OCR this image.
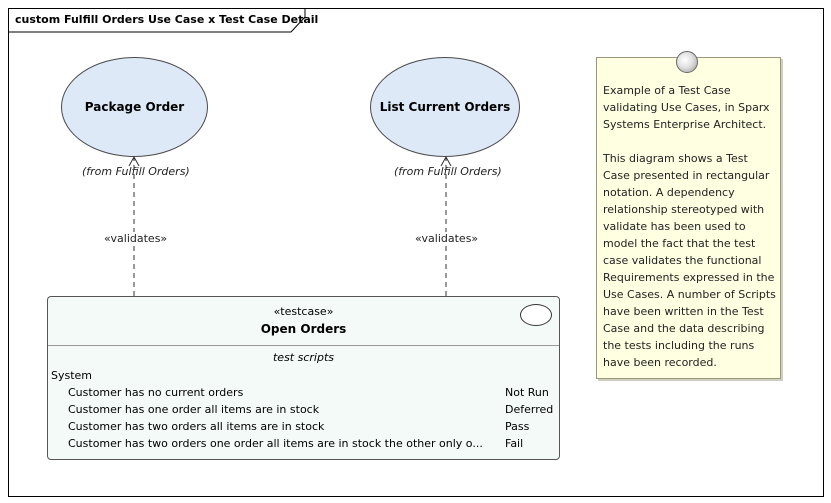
custom Fulfill Orders Use Case x Test Case Detail
Package Order
(from Fulfill Orders)
«validates»
List Current Orders
(from Fulfill Orders)
«validates»
«testcase»
Open Orders
test scripts
System
Customer has no current orders	Not Run
Customer has one order all items are in stock	Deferred
Customer has two orders all items are in stock	Pass
Customer has two orders one order all items are in stock the other only o... Fail

Example of a Test Case validating Use Cases, in Sparx Systems Enterprise Architect.

This diagram shows a Test Case presented in rectangular notation. A dependency relationship stereotyped with validate has been used to model the fact that the test case validates the functional Requirements expressed in the Use Cases. A number of Scripts have been written in the Test Case and the data describing the tests including the runs have been recorded.
